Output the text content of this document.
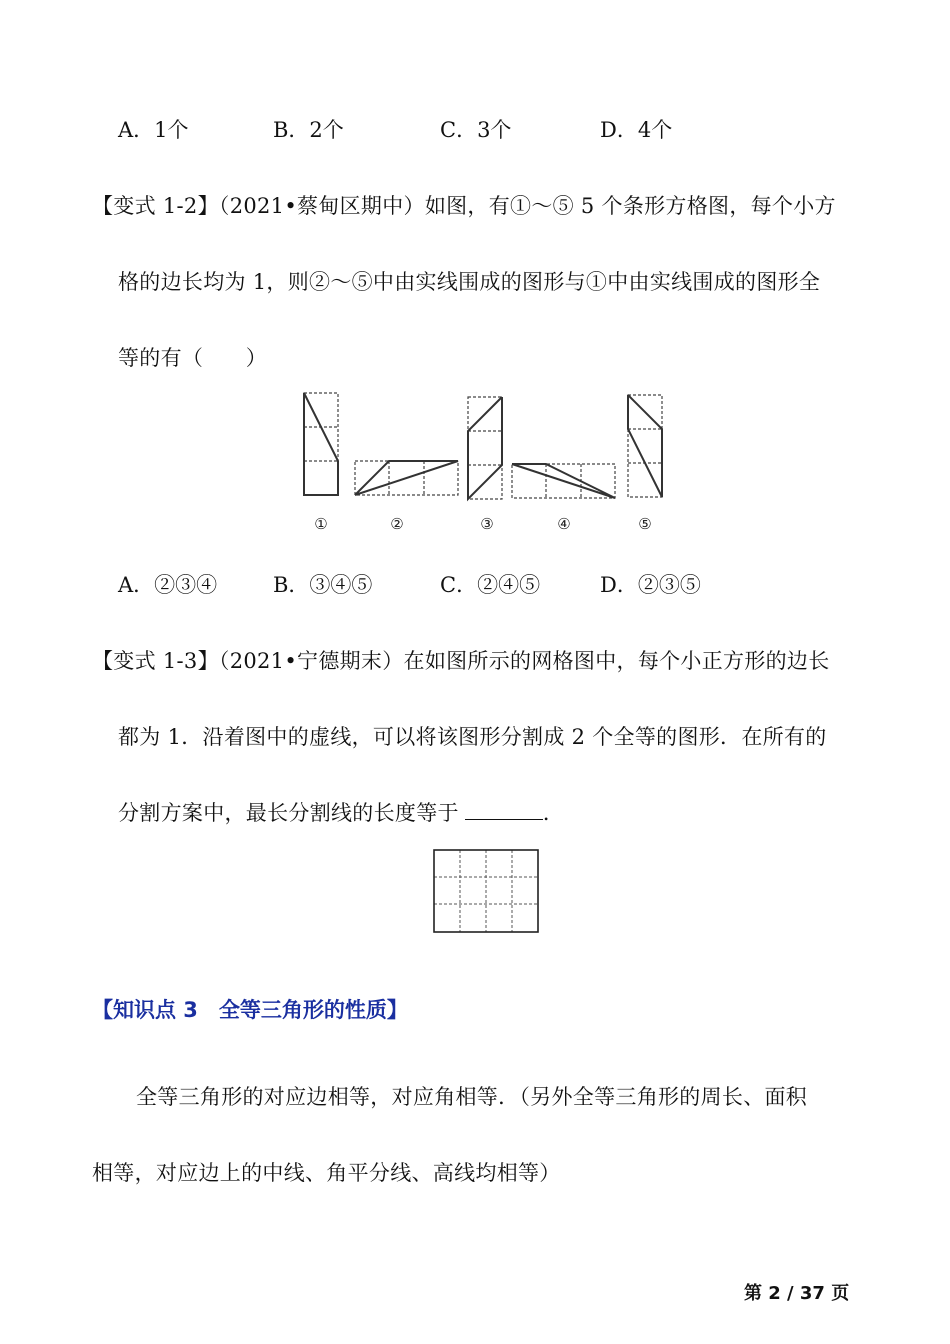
A．1个	B．2个	C．3个	D．4个
【变式 1-2】（2021•蔡甸区期中）如图，有①～⑤ 5 个条形方格图，每个小方
格的边长均为 1，则②～⑤中由实线围成的图形与①中由实线围成的图形全
等的有（　　）
①	②	③	④	⑤
A．②③④	B．③④⑤	C．②④⑤	D．②③⑤
【变式 1-3】（2021•宁德期末）在如图所示的网格图中，每个小正方形的边长
都为 1．沿着图中的虚线，可以将该图形分割成 2 个全等的图形．在所有的
分割方案中，最长分割线的长度等于	．
【知识点 3　全等三角形的性质】
全等三角形的对应边相等，对应角相等．（另外全等三角形的周长、面积
相等，对应边上的中线、角平分线、高线均相等）
第 2 / 37 页
